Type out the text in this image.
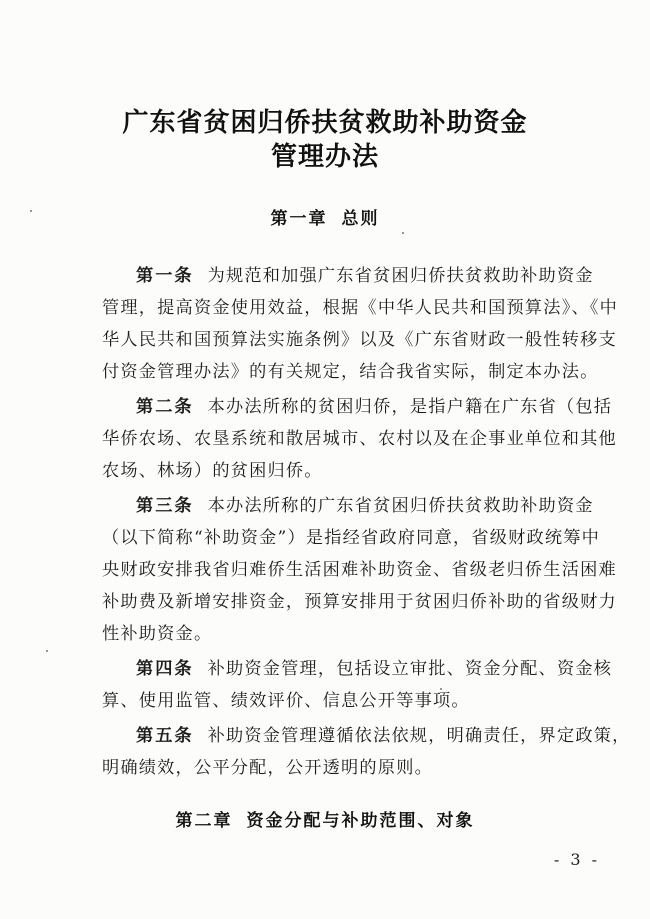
广东省贫困归侨扶贫救助补助资金
管理办法
第一章 总则
第一条 为规范和加强广东省贫困归侨扶贫救助补助资金
管理，提高资金使用效益，根据《中华人民共和国预算法》、《中
华人民共和国预算法实施条例》以及《广东省财政一般性转移支
付资金管理办法》的有关规定，结合我省实际，制定本办法。
第二条 本办法所称的贫困归侨，是指户籍在广东省（包括
华侨农场、农垦系统和散居城市、农村以及在企事业单位和其他
农场、林场）的贫困归侨。
第三条 本办法所称的广东省贫困归侨扶贫救助补助资金
（以下简称“补助资金”）是指经省政府同意，省级财政统筹中
央财政安排我省归难侨生活困难补助资金、省级老归侨生活困难
补助费及新增安排资金，预算安排用于贫困归侨补助的省级财力
性补助资金。
第四条 补助资金管理，包括设立审批、资金分配、资金核
算、使用监管、绩效评价、信息公开等事项。
第五条 补助资金管理遵循依法依规，明确责任，界定政策，
明确绩效，公平分配，公开透明的原则。
第二章 资金分配与补助范围、对象
- 3 -
